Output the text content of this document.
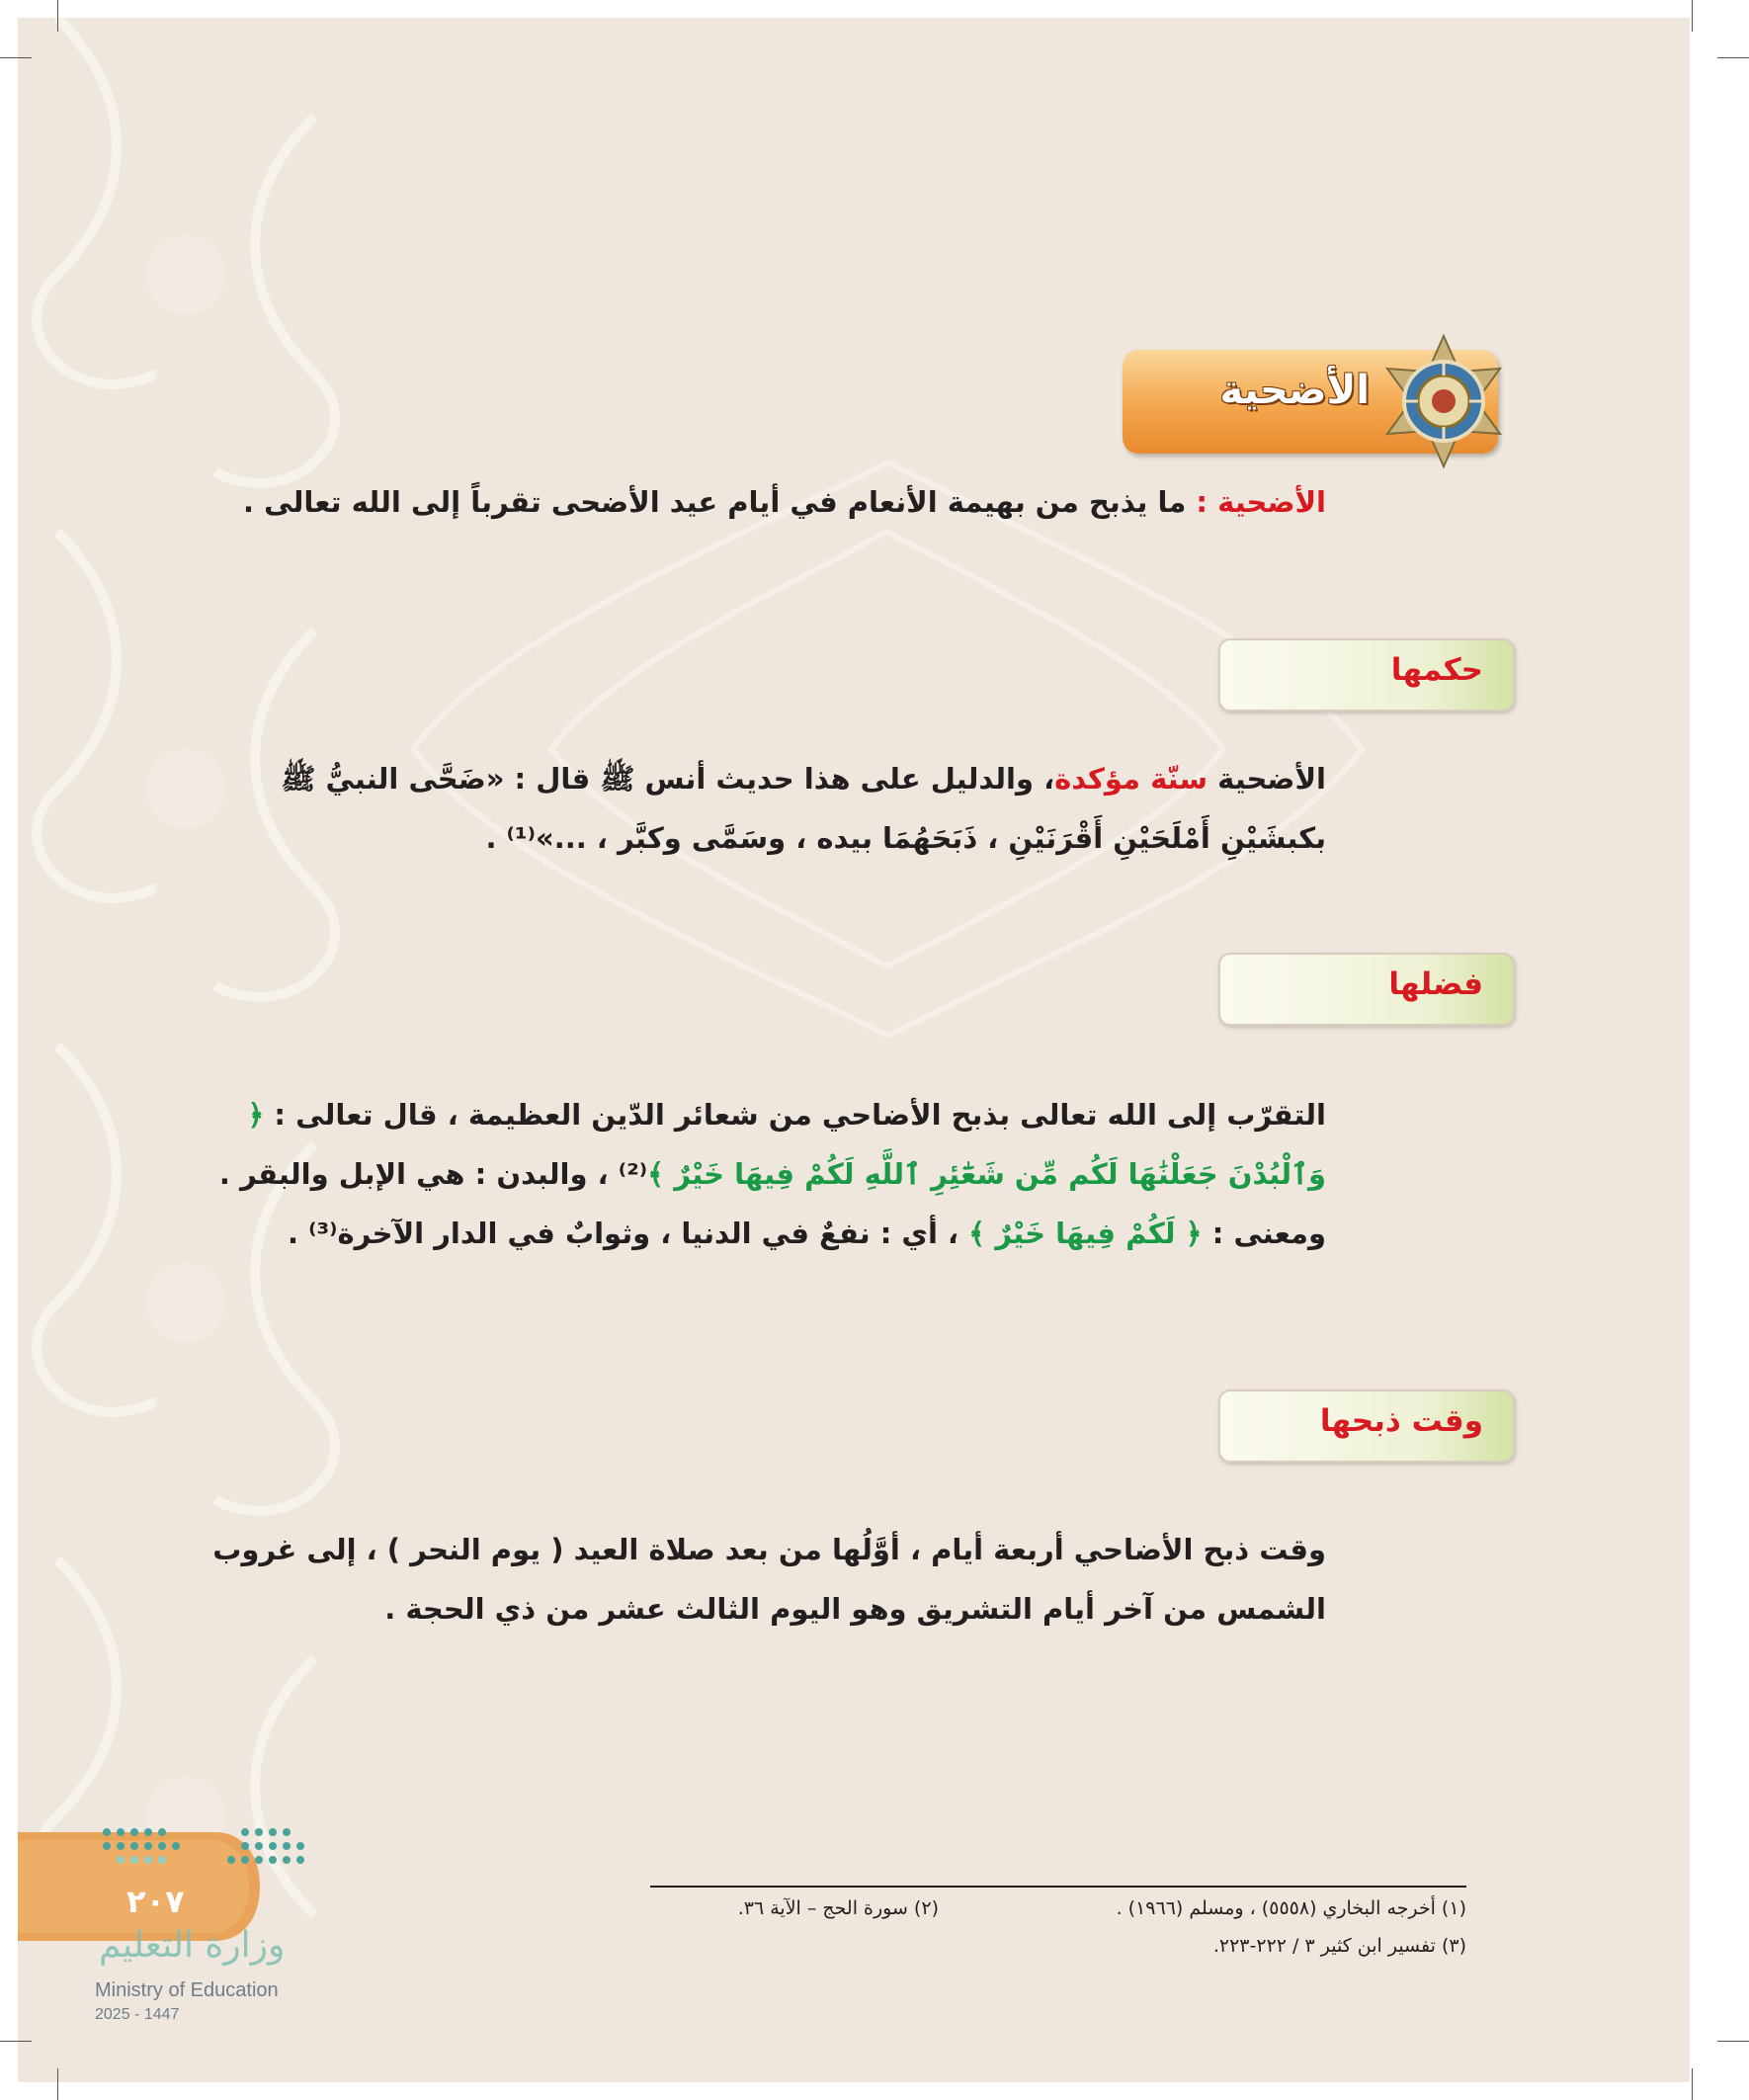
الأضحية
الأضحية : ما يذبح من بهيمة الأنعام في أيام عيد الأضحى تقرباً إلى الله تعالى .
حكمها
الأضحية سنّة مؤكدة، والدليل على هذا حديث أنس ﷺ قال : «ضَحَّى النبيُّ ﷺ بكبشَيْنِ أَمْلَحَيْنِ أَقْرَنَيْنِ ، ذَبَحَهُمَا بيده ، وسَمَّى وكبَّر ، ...»⁽¹⁾ .
فضلها
التقرّب إلى الله تعالى بذبح الأضاحي من شعائر الدّين العظيمة ، قال تعالى : ﴿ وَٱلْبُدْنَ جَعَلْنَٰهَا لَكُم مِّن شَعَٰٓئِرِ ٱللَّهِ لَكُمْ فِيهَا خَيْرٌ ﴾⁽²⁾ ، والبدن : هي الإبل والبقر .
ومعنى : ﴿ لَكُمْ فِيهَا خَيْرٌ ﴾ ، أي : نفعٌ في الدنيا ، وثوابٌ في الدار الآخرة⁽³⁾ .
وقت ذبحها
وقت ذبح الأضاحي أربعة أيام ، أوَّلُها من بعد صلاة العيد ( يوم النحر ) ، إلى غروب الشمس من آخر أيام التشريق وهو اليوم الثالث عشر من ذي الحجة .
(١) أخرجه البخاري (٥٥٥٨) ، ومسلم (١٩٦٦) .
(٢) سورة الحج – الآية ٣٦.
(٣) تفسير ابن كثير ٣ / ٢٢٢-٢٢٣.
٢٠٧
وزارة التعليم
Ministry of Education
2025 - 1447
